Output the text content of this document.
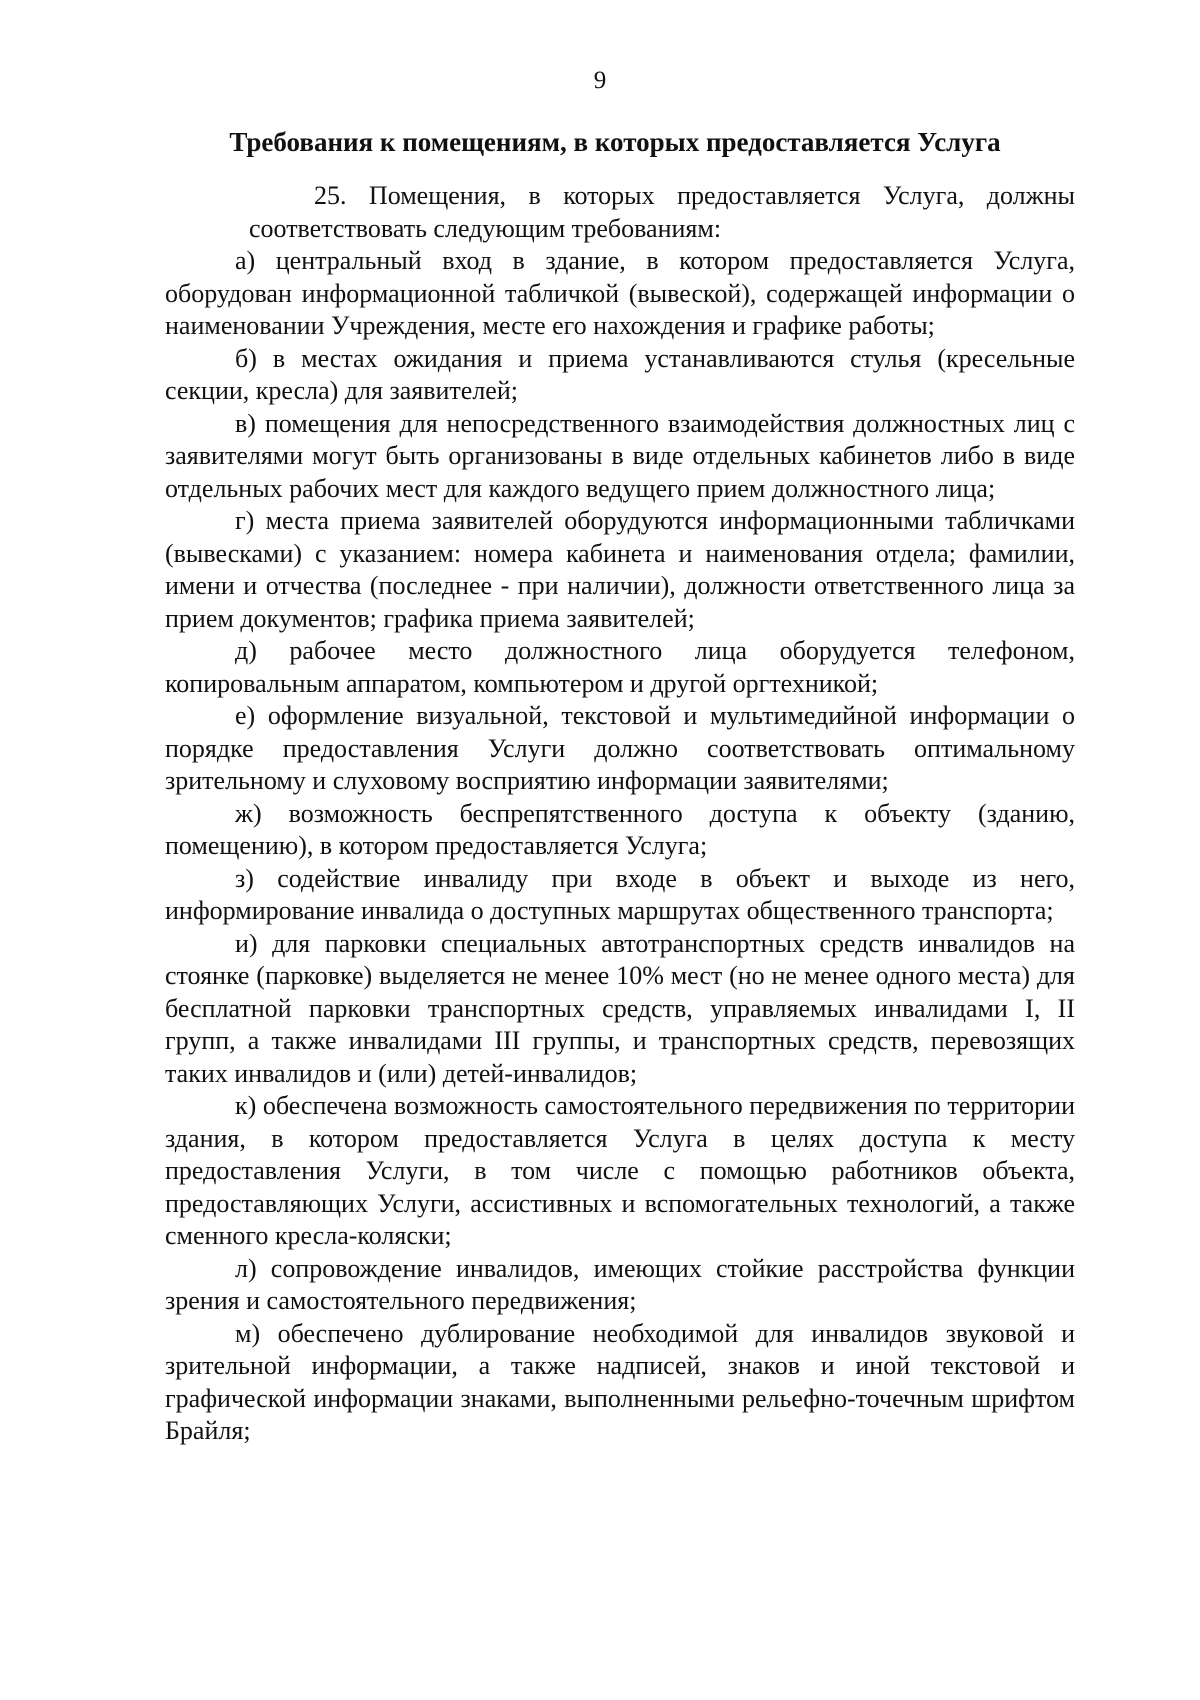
9
Требования к помещениям, в которых предоставляется Услуга

25. Помещения, в которых предоставляется Услуга, должны соответствовать следующим требованиям:

а) центральный вход в здание, в котором предоставляется Услуга, оборудован информационной табличкой (вывеской), содержащей информации о наименовании Учреждения, месте его нахождения и графике работы;

б) в местах ожидания и приема устанавливаются стулья (кресельные секции, кресла) для заявителей;

в) помещения для непосредственного взаимодействия должностных лиц с заявителями могут быть организованы в виде отдельных кабинетов либо в виде отдельных рабочих мест для каждого ведущего прием должностного лица;

г) места приема заявителей оборудуются информационными табличками (вывесками) с указанием: номера кабинета и наименования отдела; фамилии, имени и отчества (последнее - при наличии), должности ответственного лица за прием документов; графика приема заявителей;

д) рабочее место должностного лица оборудуется телефоном, копировальным аппаратом, компьютером и другой оргтехникой;

е) оформление визуальной, текстовой и мультимедийной информации о порядке предоставления Услуги должно соответствовать оптимальному зрительному и слуховому восприятию информации заявителями;

ж) возможность беспрепятственного доступа к объекту (зданию, помещению), в котором предоставляется Услуга;

з) содействие инвалиду при входе в объект и выходе из него, информирование инвалида о доступных маршрутах общественного транспорта;

и) для парковки специальных автотранспортных средств инвалидов на стоянке (парковке) выделяется не менее 10% мест (но не менее одного места) для бесплатной парковки транспортных средств, управляемых инвалидами I, II групп, а также инвалидами III группы, и транспортных средств, перевозящих таких инвалидов и (или) детей-инвалидов;

к) обеспечена возможность самостоятельного передвижения по территории здания, в котором предоставляется Услуга в целях доступа к месту предоставления Услуги, в том числе с помощью работников объекта, предоставляющих Услуги, ассистивных и вспомогательных технологий, а также сменного кресла-коляски;

л) сопровождение инвалидов, имеющих стойкие расстройства функции зрения и самостоятельного передвижения;

м) обеспечено дублирование необходимой для инвалидов звуковой и зрительной информации, а также надписей, знаков и иной текстовой и графической информации знаками, выполненными рельефно-точечным шрифтом Брайля;
